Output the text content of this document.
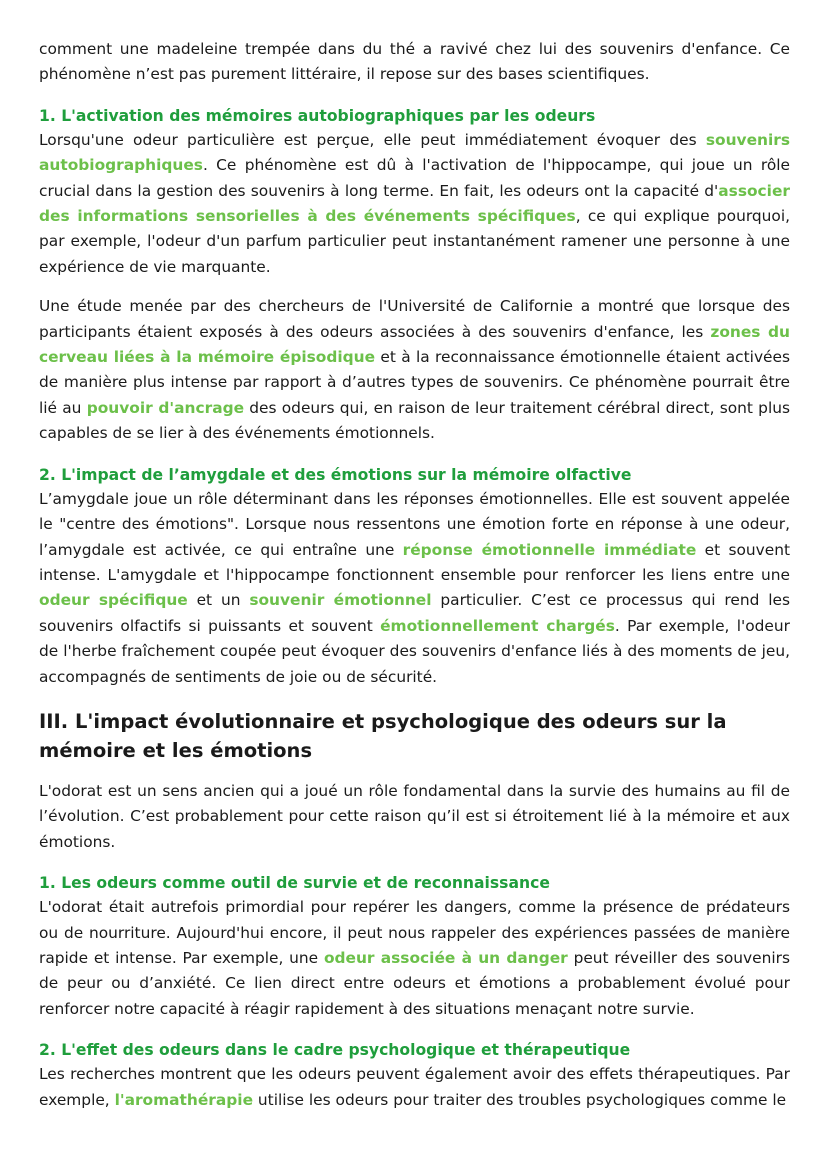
comment une madeleine trempée dans du thé a ravivé chez lui des souvenirs d'enfance. Ce phénomène n’est pas purement littéraire, il repose sur des bases scientifiques.

1. L'activation des mémoires autobiographiques par les odeurs

Lorsqu'une odeur particulière est perçue, elle peut immédiatement évoquer des souvenirs autobiographiques. Ce phénomène est dû à l'activation de l'hippocampe, qui joue un rôle crucial dans la gestion des souvenirs à long terme. En fait, les odeurs ont la capacité d'associer des informations sensorielles à des événements spécifiques, ce qui explique pourquoi, par exemple, l'odeur d'un parfum particulier peut instantanément ramener une personne à une expérience de vie marquante.

Une étude menée par des chercheurs de l'Université de Californie a montré que lorsque des participants étaient exposés à des odeurs associées à des souvenirs d'enfance, les zones du cerveau liées à la mémoire épisodique et à la reconnaissance émotionnelle étaient activées de manière plus intense par rapport à d’autres types de souvenirs. Ce phénomène pourrait être lié au pouvoir d'ancrage des odeurs qui, en raison de leur traitement cérébral direct, sont plus capables de se lier à des événements émotionnels.

2. L'impact de l’amygdale et des émotions sur la mémoire olfactive

L’amygdale joue un rôle déterminant dans les réponses émotionnelles. Elle est souvent appelée le "centre des émotions". Lorsque nous ressentons une émotion forte en réponse à une odeur, l’amygdale est activée, ce qui entraîne une réponse émotionnelle immédiate et souvent intense. L'amygdale et l'hippocampe fonctionnent ensemble pour renforcer les liens entre une odeur spécifique et un souvenir émotionnel particulier. C’est ce processus qui rend les souvenirs olfactifs si puissants et souvent émotionnellement chargés. Par exemple, l'odeur de l'herbe fraîchement coupée peut évoquer des souvenirs d'enfance liés à des moments de jeu, accompagnés de sentiments de joie ou de sécurité.

III. L'impact évolutionnaire et psychologique des odeurs sur la mémoire et les émotions

L'odorat est un sens ancien qui a joué un rôle fondamental dans la survie des humains au fil de l’évolution. C’est probablement pour cette raison qu’il est si étroitement lié à la mémoire et aux émotions.

1. Les odeurs comme outil de survie et de reconnaissance

L'odorat était autrefois primordial pour repérer les dangers, comme la présence de prédateurs ou de nourriture. Aujourd'hui encore, il peut nous rappeler des expériences passées de manière rapide et intense. Par exemple, une odeur associée à un danger peut réveiller des souvenirs de peur ou d’anxiété. Ce lien direct entre odeurs et émotions a probablement évolué pour renforcer notre capacité à réagir rapidement à des situations menaçant notre survie.

2. L'effet des odeurs dans le cadre psychologique et thérapeutique

Les recherches montrent que les odeurs peuvent également avoir des effets thérapeutiques. Par exemple, l'aromathérapie utilise les odeurs pour traiter des troubles psychologiques comme le
